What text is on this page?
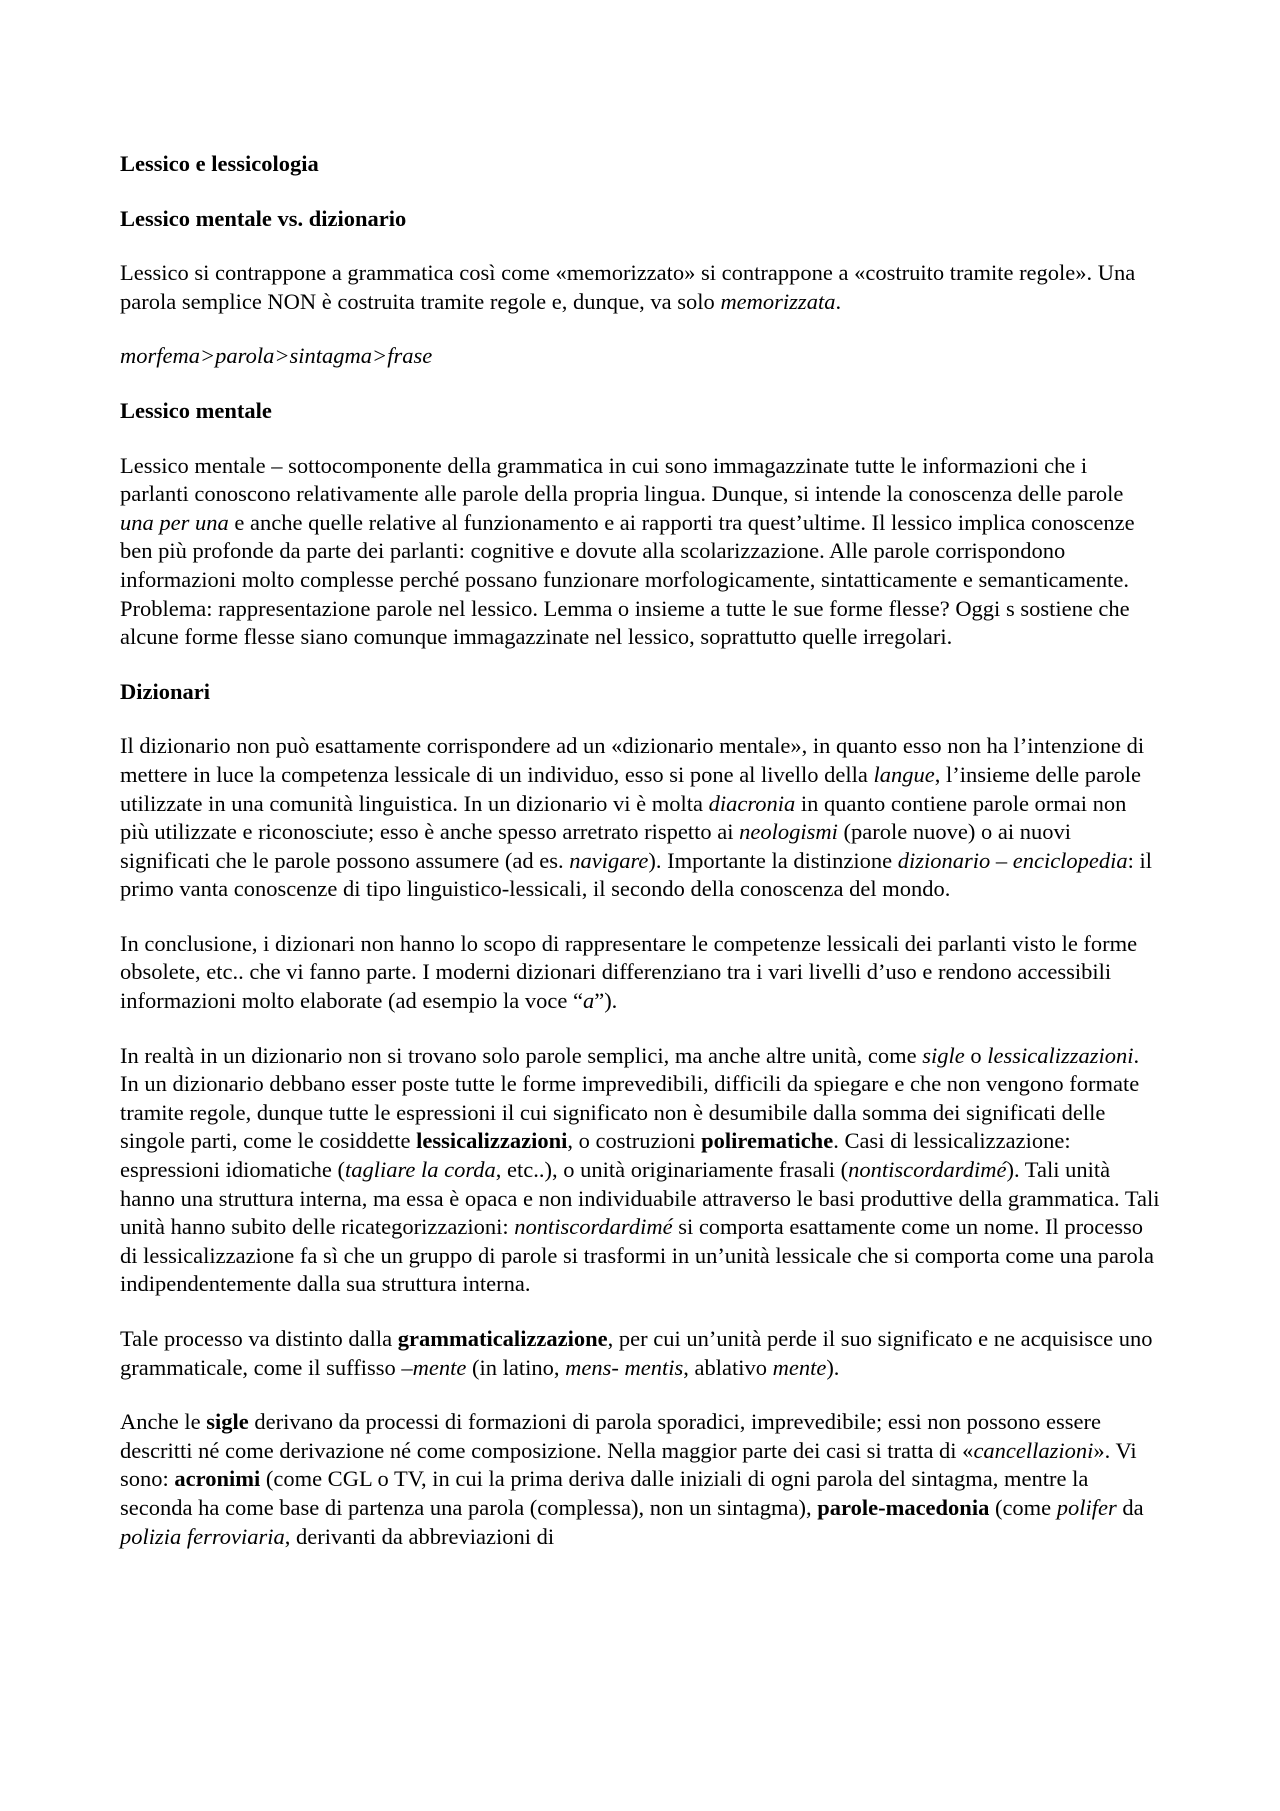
Lessico e lessicologia
Lessico mentale vs. dizionario

Lessico si contrappone a grammatica così come «memorizzato» si contrappone a «costruito tramite regole». Una parola semplice NON è costruita tramite regole e, dunque, va solo memorizzata.

morfema>parola>sintagma>frase

Lessico mentale

Lessico mentale – sottocomponente della grammatica in cui sono immagazzinate tutte le informazioni che i parlanti conoscono relativamente alle parole della propria lingua. Dunque, si intende la conoscenza delle parole una per una e anche quelle relative al funzionamento e ai rapporti tra quest’ultime. Il lessico implica conoscenze ben più profonde da parte dei parlanti: cognitive e dovute alla scolarizzazione. Alle parole corrispondono informazioni molto complesse perché possano funzionare morfologicamente, sintatticamente e semanticamente.

Problema: rappresentazione parole nel lessico. Lemma o insieme a tutte le sue forme flesse? Oggi s sostiene che alcune forme flesse siano comunque immagazzinate nel lessico, soprattutto quelle irregolari.

Dizionari

Il dizionario non può esattamente corrispondere ad un «dizionario mentale», in quanto esso non ha l’intenzione di mettere in luce la competenza lessicale di un individuo, esso si pone al livello della langue, l’insieme delle parole utilizzate in una comunità linguistica. In un dizionario vi è molta diacronia in quanto contiene parole ormai non più utilizzate e riconosciute; esso è anche spesso arretrato rispetto ai neologismi (parole nuove) o ai nuovi significati che le parole possono assumere (ad es. navigare). Importante la distinzione dizionario – enciclopedia: il primo vanta conoscenze di tipo linguistico-lessicali, il secondo della conoscenza del mondo.

In conclusione, i dizionari non hanno lo scopo di rappresentare le competenze lessicali dei parlanti visto le forme obsolete, etc.. che vi fanno parte. I moderni dizionari differenziano tra i vari livelli d’uso e rendono accessibili informazioni molto elaborate (ad esempio la voce “a”).

In realtà in un dizionario non si trovano solo parole semplici, ma anche altre unità, come sigle o lessicalizzazioni. In un dizionario debbano esser poste tutte le forme imprevedibili, difficili da spiegare e che non vengono formate tramite regole, dunque tutte le espressioni il cui significato non è desumibile dalla somma dei significati delle singole parti, come le cosiddette lessicalizzazioni, o costruzioni polirematiche. Casi di lessicalizzazione: espressioni idiomatiche (tagliare la corda, etc..), o unità originariamente frasali (nontiscordardimé). Tali unità hanno una struttura interna, ma essa è opaca e non individuabile attraverso le basi produttive della grammatica. Tali unità hanno subito delle ricategorizzazioni: nontiscordardimé si comporta esattamente come un nome. Il processo di lessicalizzazione fa sì che un gruppo di parole si trasformi in un’unità lessicale che si comporta come una parola indipendentemente dalla sua struttura interna.

Tale processo va distinto dalla grammaticalizzazione, per cui un’unità perde il suo significato e ne acquisisce uno grammaticale, come il suffisso –mente (in latino, mens- mentis, ablativo mente).

Anche le sigle derivano da processi di formazioni di parola sporadici, imprevedibile; essi non possono essere descritti né come derivazione né come composizione. Nella maggior parte dei casi si tratta di «cancellazioni». Vi sono: acronimi (come CGL o TV, in cui la prima deriva dalle iniziali di ogni parola del sintagma, mentre la seconda ha come base di partenza una parola (complessa), non un sintagma), parole-macedonia (come polifer da polizia ferroviaria, derivanti da abbreviazioni di
